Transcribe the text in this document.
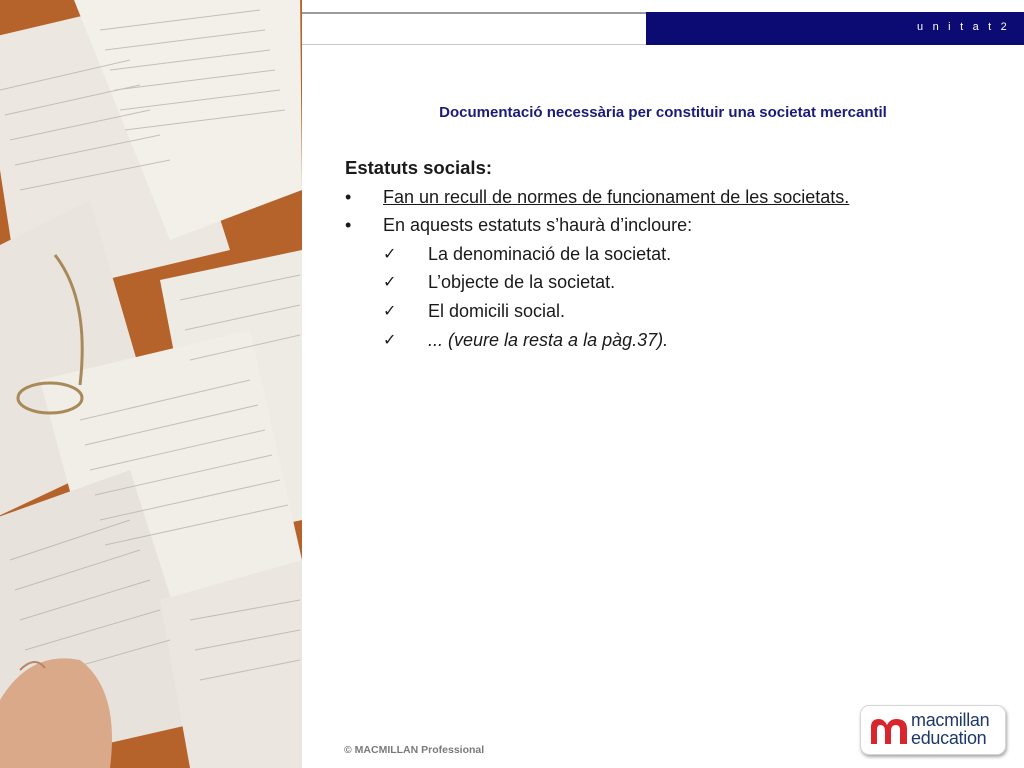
u n i t a t 2
Documentació necessària per constituir una societat mercantil
Estatuts socials:
•	Fan un recull de normes de funcionament de les societats.
•	En aquests estatuts s’haurà d’incloure:
✓	La denominació de la societat.
✓	L’objecte de la societat.
✓	El domicili social.
✓	... (veure la resta a la pàg.37).
© MACMILLAN Professional
macmillan
education
